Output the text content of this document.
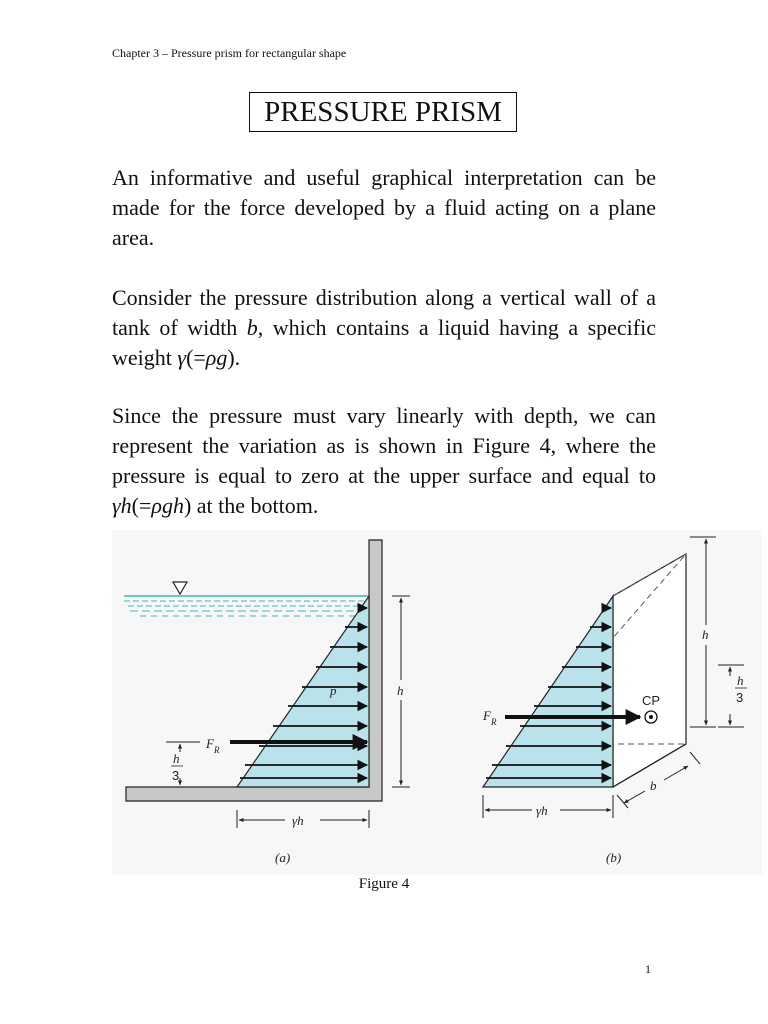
Chapter 3 – Pressure prism for rectangular shape
PRESSURE PRISM

An informative and useful graphical interpretation can be made for the force developed by a fluid acting on a plane area.

Consider the pressure distribution along a vertical wall of a tank of width b, which contains a liquid having a specific weight γ(=ρg).

Since the pressure must vary linearly with depth, we can represent the variation as is shown in Figure 4, where the pressure is equal to zero at the upper surface and equal to γh(=ρgh) at the bottom.

$F_R$
p	h
h
3
γh
(a)
$F_R$
CP
h
h
3
b
γh
(b)
Figure 4
1
